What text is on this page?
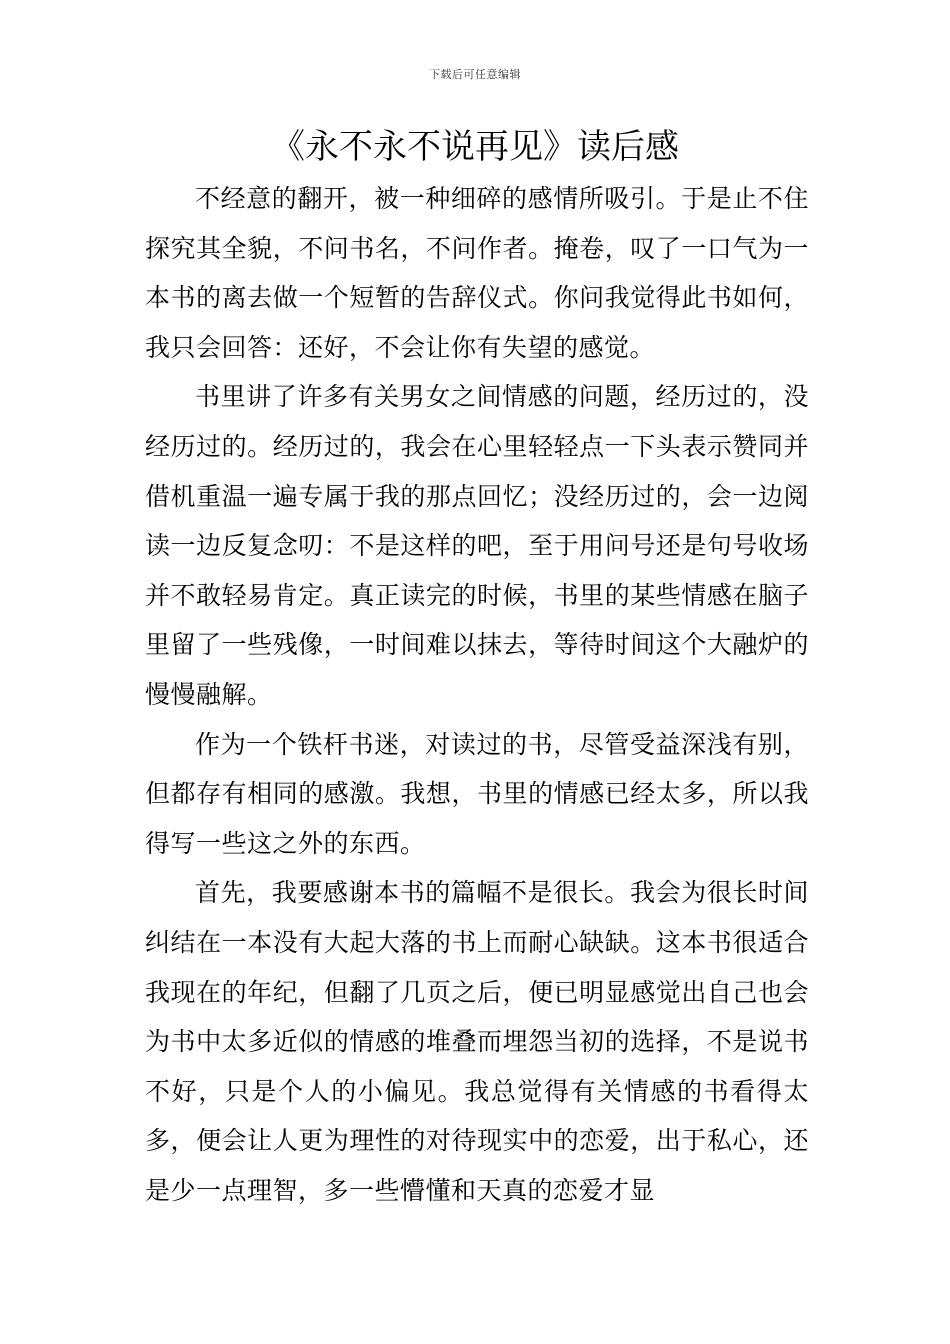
下载后可任意编辑
《永不永不说再见》读后感

不经意的翻开，被一种细碎的感情所吸引。于是止不住探究其全貌，不问书名，不问作者。掩卷，叹了一口气为一本书的离去做一个短暂的告辞仪式。你问我觉得此书如何，我只会回答：还好，不会让你有失望的感觉。

书里讲了许多有关男女之间情感的问题，经历过的，没经历过的。经历过的，我会在心里轻轻点一下头表示赞同并借机重温一遍专属于我的那点回忆；没经历过的，会一边阅读一边反复念叨：不是这样的吧，至于用问号还是句号收场并不敢轻易肯定。真正读完的时候，书里的某些情感在脑子里留了一些残像，一时间难以抹去，等待时间这个大融炉的慢慢融解。

作为一个铁杆书迷，对读过的书，尽管受益深浅有别，但都存有相同的感激。我想，书里的情感已经太多，所以我得写一些这之外的东西。

首先，我要感谢本书的篇幅不是很长。我会为很长时间纠结在一本没有大起大落的书上而耐心缺缺。这本书很适合我现在的年纪，但翻了几页之后，便已明显感觉出自己也会为书中太多近似的情感的堆叠而埋怨当初的选择，不是说书不好，只是个人的小偏见。我总觉得有关情感的书看得太多，便会让人更为理性的对待现实中的恋爱，出于私心，还是少一点理智，多一些懵懂和天真的恋爱才显
